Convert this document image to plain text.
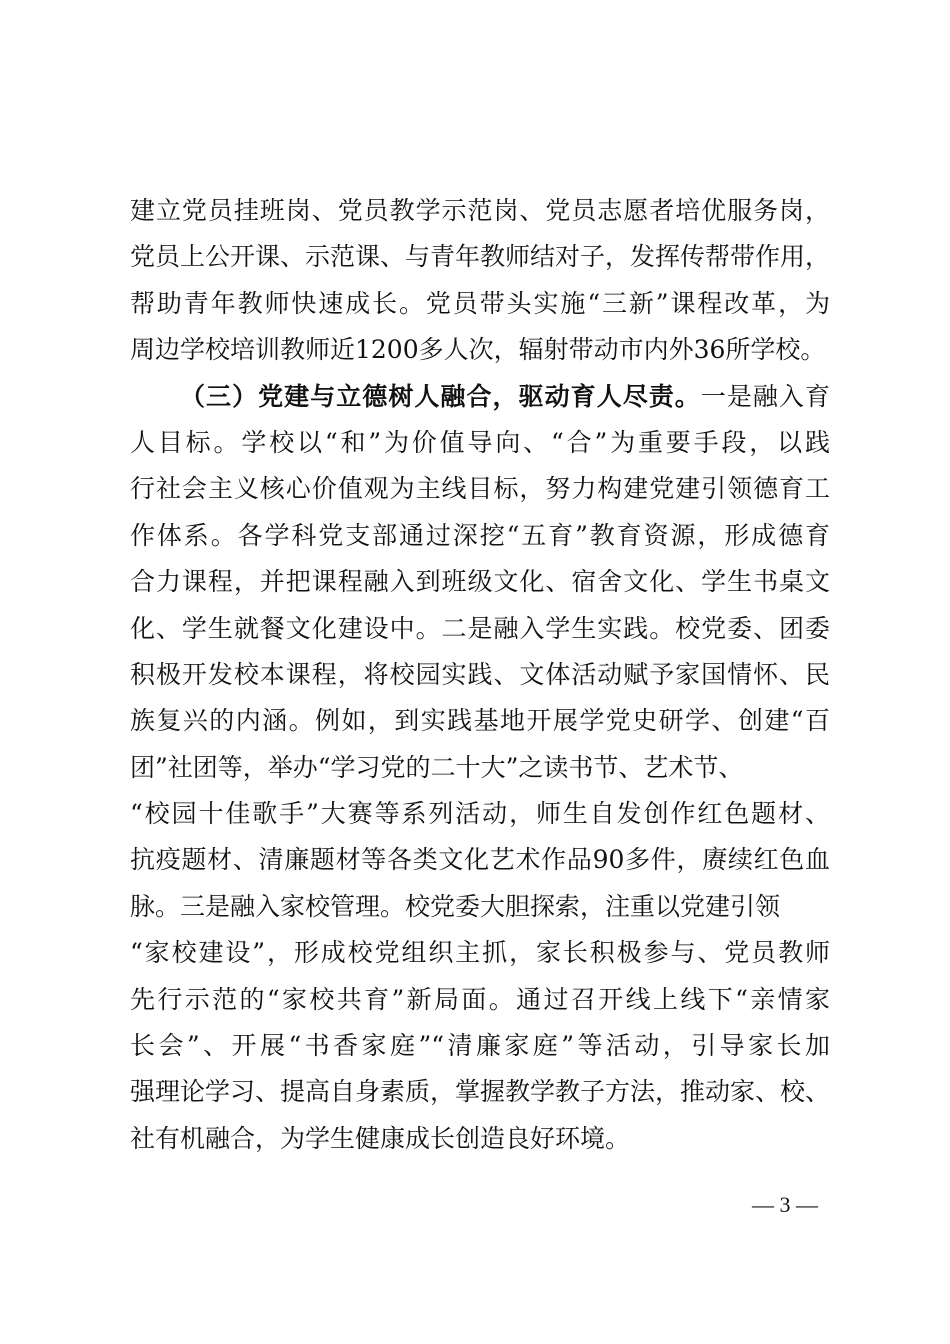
建立党员挂班岗、党员教学示范岗、党员志愿者培优服务岗，
党员上公开课、示范课、与青年教师结对子，发挥传帮带作用，
帮助青年教师快速成长。党员带头实施“三新”课程改革，为
周边学校培训教师近1200多人次，辐射带动市内外36所学校。
（三）党建与立德树人融合，驱动育人尽责。一是融入育
人目标。学校以“和”为价值导向、“合”为重要手段，以践
行社会主义核心价值观为主线目标，努力构建党建引领德育工
作体系。各学科党支部通过深挖“五育”教育资源，形成德育
合力课程，并把课程融入到班级文化、宿舍文化、学生书桌文
化、学生就餐文化建设中。二是融入学生实践。校党委、团委
积极开发校本课程，将校园实践、文体活动赋予家国情怀、民
族复兴的内涵。例如，到实践基地开展学党史研学、创建“百
团”社团等，举办“学习党的二十大”之读书节、艺术节、
“校园十佳歌手”大赛等系列活动，师生自发创作红色题材、
抗疫题材、清廉题材等各类文化艺术作品90多件，赓续红色血
脉。三是融入家校管理。校党委大胆探索，注重以党建引领
“家校建设”，形成校党组织主抓，家长积极参与、党员教师
先行示范的“家校共育”新局面。通过召开线上线下“亲情家
长会”、开展“书香家庭”“清廉家庭”等活动，引导家长加
强理论学习、提高自身素质，掌握教学教子方法，推动家、校、
社有机融合，为学生健康成长创造良好环境。
— 3 —
